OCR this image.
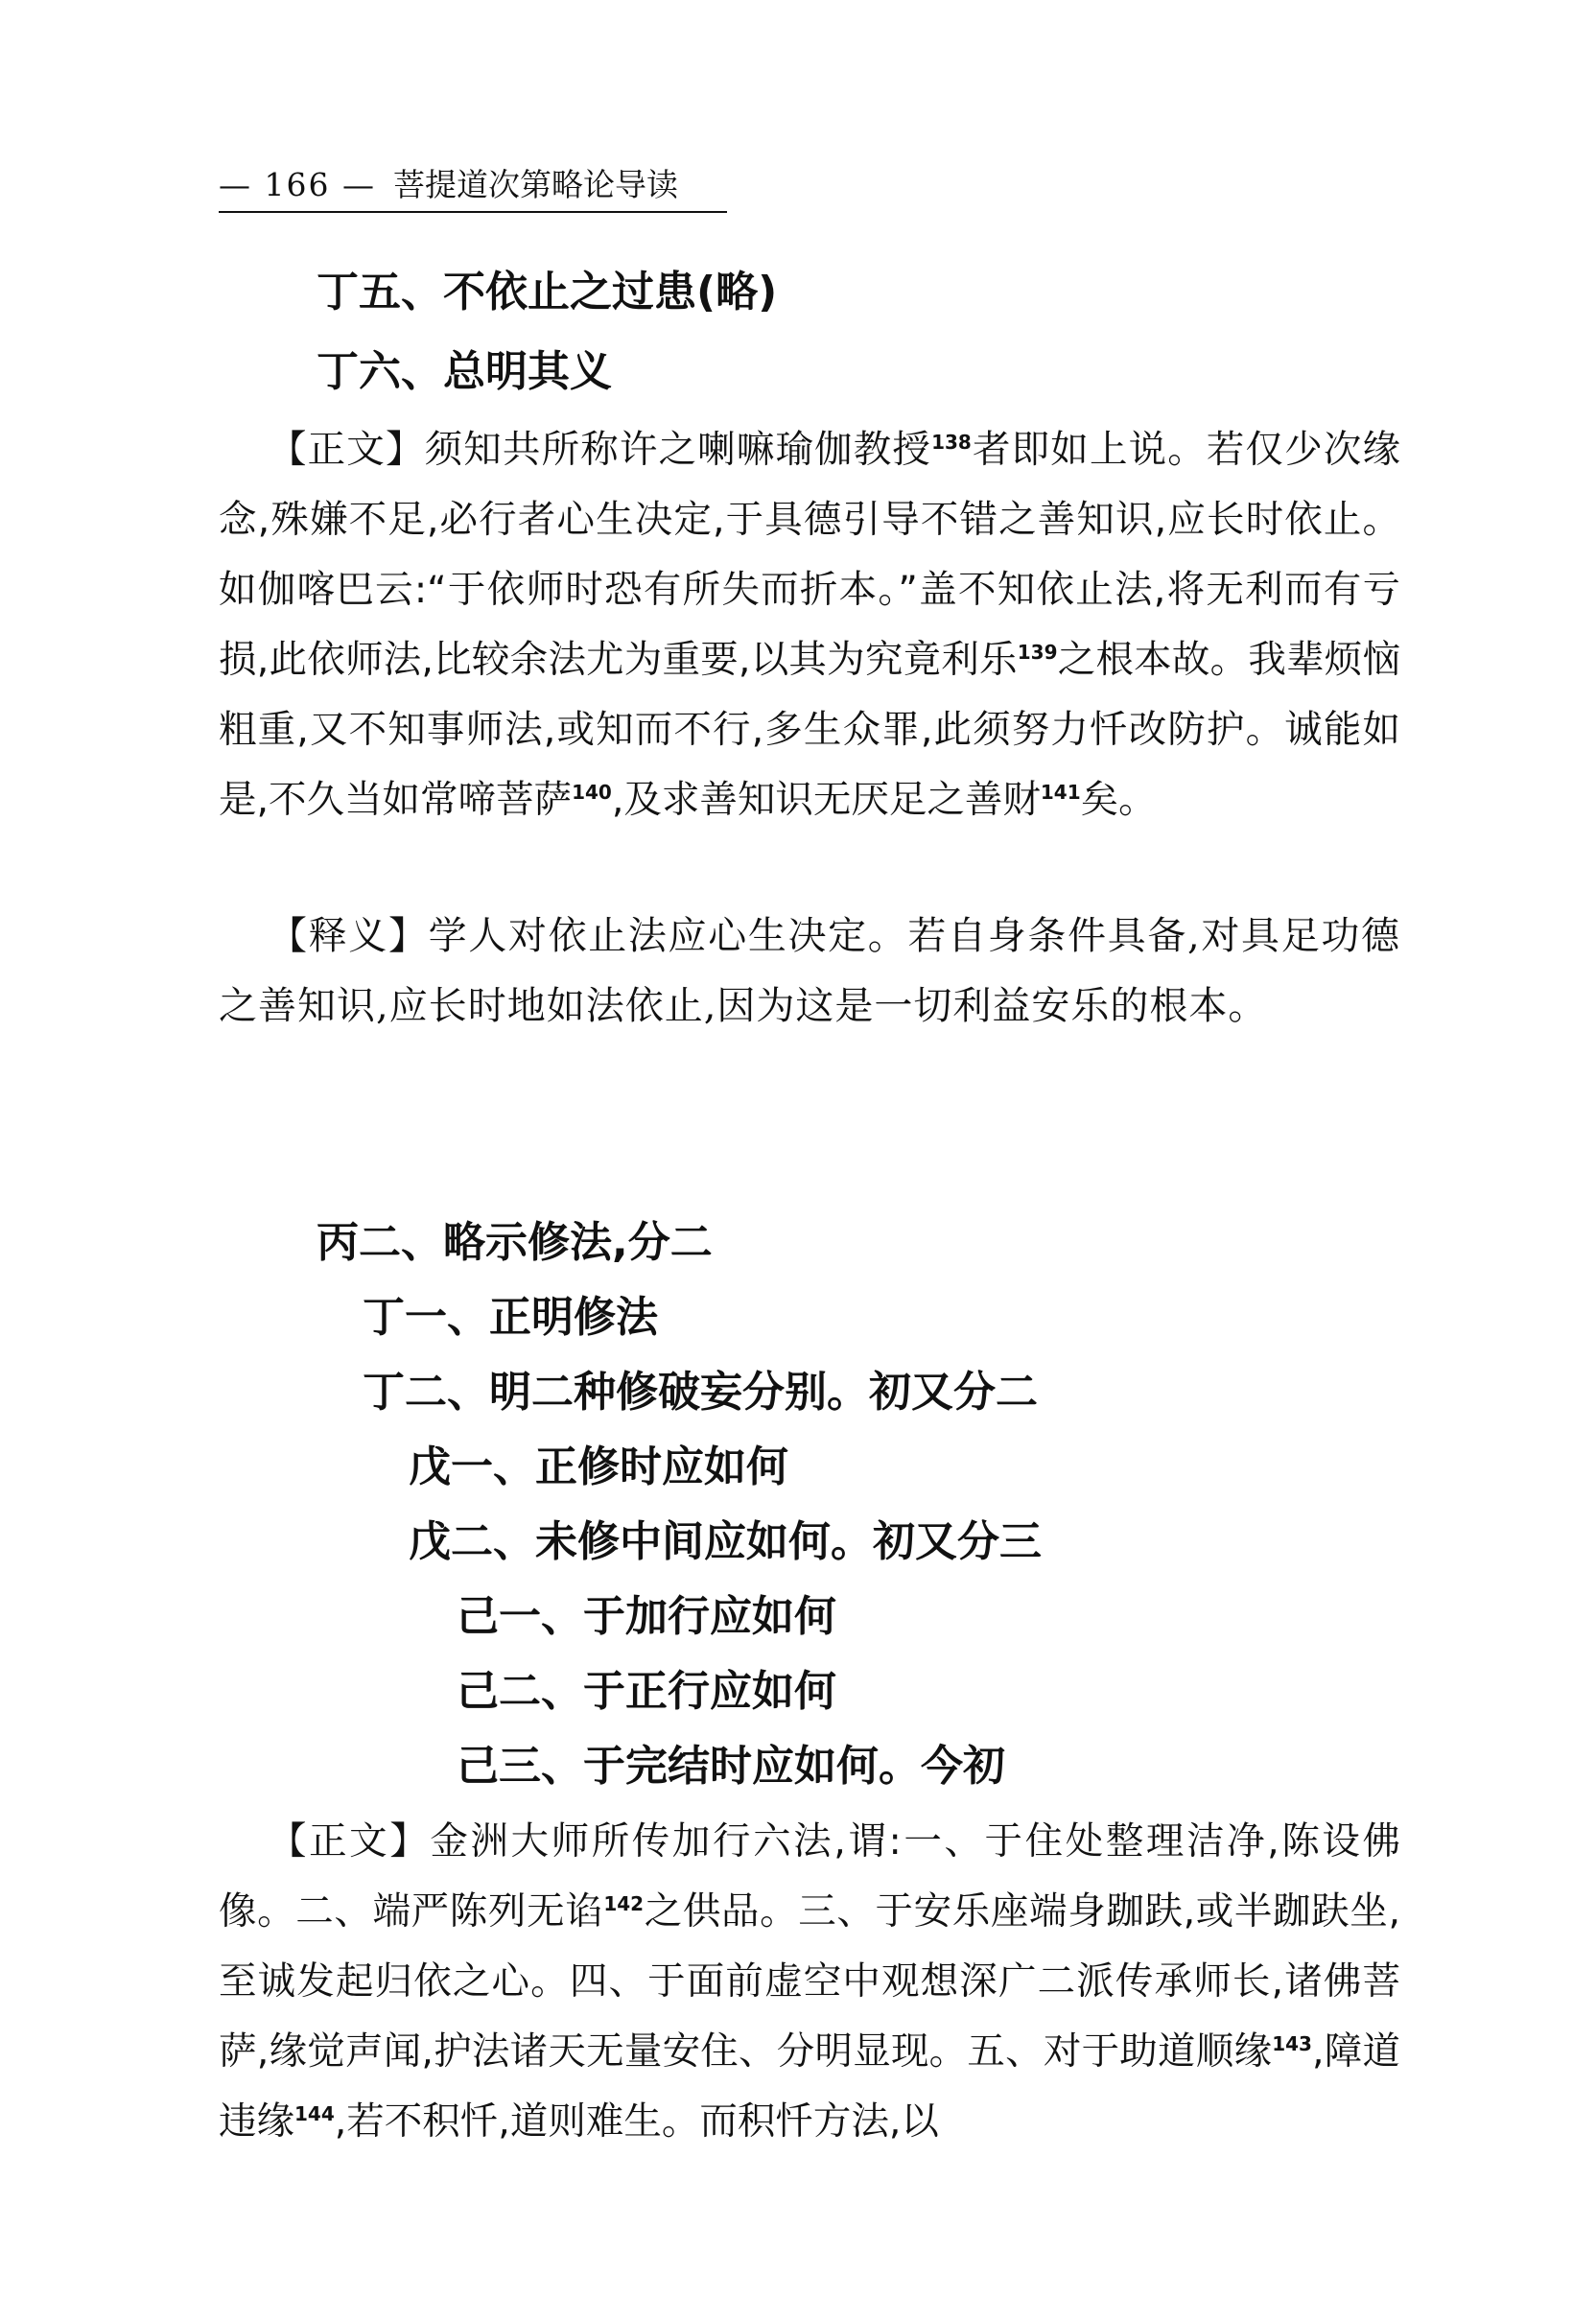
— 166 — 菩提道次第略论导读
丁五、不依止之过患(略)
丁六、总明其义
【正文】须知共所称许之喇嘛瑜伽教授$^{138}$者即如上说。若仅少次缘念,殊嫌不足,必行者心生决定,于具德引导不错之善知识,应长时依止。如伽喀巴云:“于依师时恐有所失而折本。”盖不知依止法,将无利而有亏损,此依师法,比较余法尤为重要,以其为究竟利乐$^{139}$之根本故。我辈烦恼粗重,又不知事师法,或知而不行,多生众罪,此须努力忏改防护。诚能如是,不久当如常啼菩萨$^{140}$,及求善知识无厌足之善财$^{141}$矣。
【释义】学人对依止法应心生决定。若自身条件具备,对具足功德之善知识,应长时地如法依止,因为这是一切利益安乐的根本。
丙二、略示修法,分二
丁一、正明修法
丁二、明二种修破妄分别。初又分二
戊一、正修时应如何
戊二、未修中间应如何。初又分三
己一、于加行应如何
己二、于正行应如何
己三、于完结时应如何。今初
【正文】金洲大师所传加行六法,谓:一、于住处整理洁净,陈设佛像。二、端严陈列无谄$^{142}$之供品。三、于安乐座端身跏趺,或半跏趺坐,至诚发起归依之心。四、于面前虚空中观想深广二派传承师长,诸佛菩萨,缘觉声闻,护法诸天无量安住、分明显现。五、对于助道顺缘$^{143}$,障道违缘$^{144}$,若不积忏,道则难生。而积忏方法,以
